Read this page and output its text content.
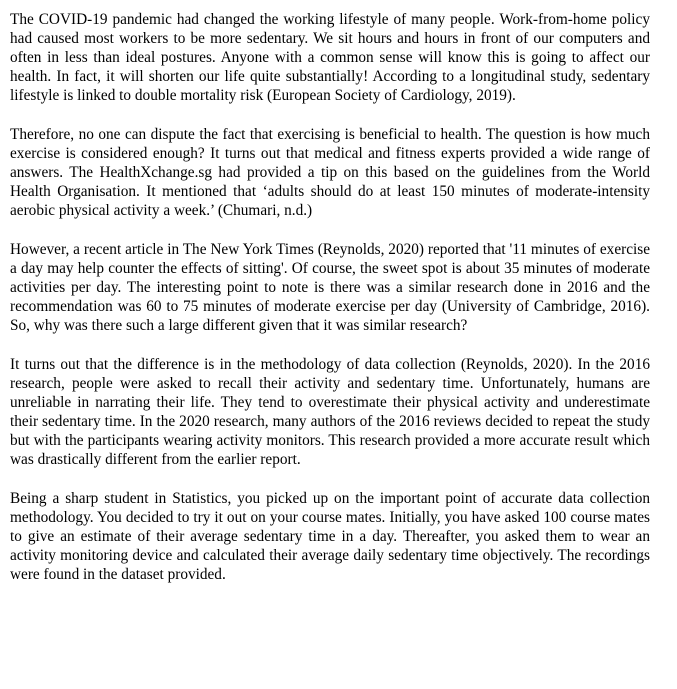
The COVID-19 pandemic had changed the working lifestyle of many people. Work-from-home policy had caused most workers to be more sedentary. We sit hours and hours in front of our computers and often in less than ideal postures. Anyone with a common sense will know this is going to affect our health. In fact, it will shorten our life quite substantially! According to a longitudinal study, sedentary lifestyle is linked to double mortality risk (European Society of Cardiology, 2019).

Therefore, no one can dispute the fact that exercising is beneficial to health. The question is how much exercise is considered enough? It turns out that medical and fitness experts provided a wide range of answers. The HealthXchange.sg had provided a tip on this based on the guidelines from the World Health Organisation. It mentioned that ‘adults should do at least 150 minutes of moderate-intensity aerobic physical activity a week.’ (Chumari, n.d.)

However, a recent article in The New York Times (Reynolds, 2020) reported that '11 minutes of exercise a day may help counter the effects of sitting'. Of course, the sweet spot is about 35 minutes of moderate activities per day. The interesting point to note is there was a similar research done in 2016 and the recommendation was 60 to 75 minutes of moderate exercise per day (University of Cambridge, 2016). So, why was there such a large different given that it was similar research?

It turns out that the difference is in the methodology of data collection (Reynolds, 2020). In the 2016 research, people were asked to recall their activity and sedentary time. Unfortunately, humans are unreliable in narrating their life. They tend to overestimate their physical activity and underestimate their sedentary time. In the 2020 research, many authors of the 2016 reviews decided to repeat the study but with the participants wearing activity monitors. This research provided a more accurate result which was drastically different from the earlier report.

Being a sharp student in Statistics, you picked up on the important point of accurate data collection methodology. You decided to try it out on your course mates. Initially, you have asked 100 course mates to give an estimate of their average sedentary time in a day. Thereafter, you asked them to wear an activity monitoring device and calculated their average daily sedentary time objectively. The recordings were found in the dataset provided.
